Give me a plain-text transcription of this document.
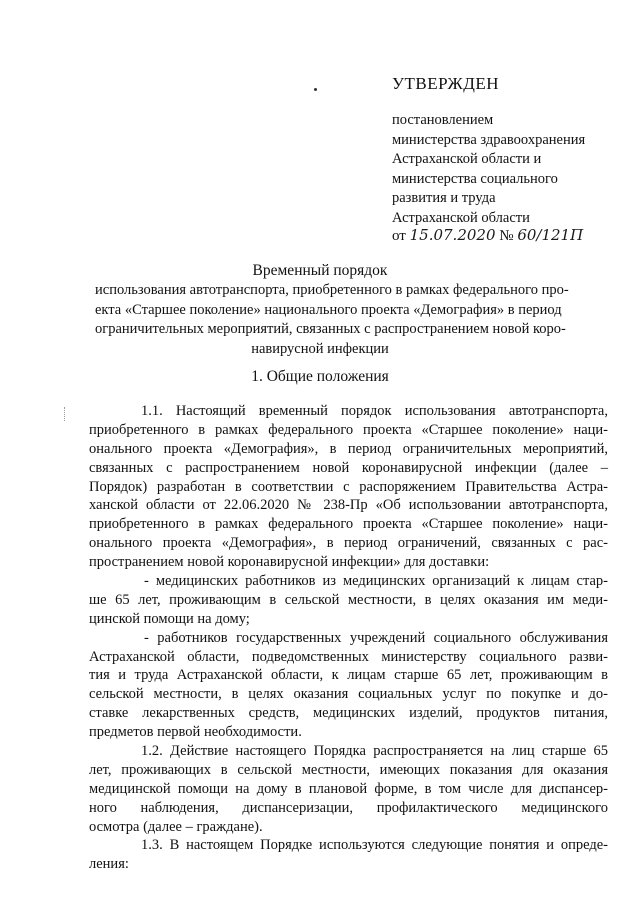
УТВЕРЖДЕН
постановлением
министерства здравоохранения
Астраханской области и
министерства социального
развития и труда
Астраханской области
от 15.07.2020 № 60/121П
Временный порядок
использования автотранспорта, приобретенного в рамках федерального про-
екта «Старшее поколение» национального проекта «Демография» в период
ограничительных мероприятий, связанных с распространением новой коро-
навирусной инфекции
1. Общие положения
1.1. Настоящий временный порядок использования автотранспорта,
приобретенного в рамках федерального проекта «Старшее поколение» наци-
онального проекта «Демография», в период ограничительных мероприятий,
связанных с распространением новой коронавирусной инфекции (далее –
Порядок) разработан в соответствии с распоряжением Правительства Астра-
ханской области от 22.06.2020 № 238-Пр «Об использовании автотранспорта,
приобретенного в рамках федерального проекта «Старшее поколение» наци-
онального проекта «Демография», в период ограничений, связанных с рас-
пространением новой коронавирусной инфекции» для доставки:
- медицинских работников из медицинских организаций к лицам стар-
ше 65 лет, проживающим в сельской местности, в целях оказания им меди-
цинской помощи на дому;
- работников государственных учреждений социального обслуживания
Астраханской области, подведомственных министерству социального разви-
тия и труда Астраханской области, к лицам старше 65 лет, проживающим в
сельской местности, в целях оказания социальных услуг по покупке и до-
ставке лекарственных средств, медицинских изделий, продуктов питания,
предметов первой необходимости.
1.2. Действие настоящего Порядка распространяется на лиц старше 65
лет, проживающих в сельской местности, имеющих показания для оказания
медицинской помощи на дому в плановой форме, в том числе для диспансер-
ного наблюдения, диспансеризации, профилактического медицинского
осмотра (далее – граждане).
1.3. В настоящем Порядке используются следующие понятия и опреде-
ления:
